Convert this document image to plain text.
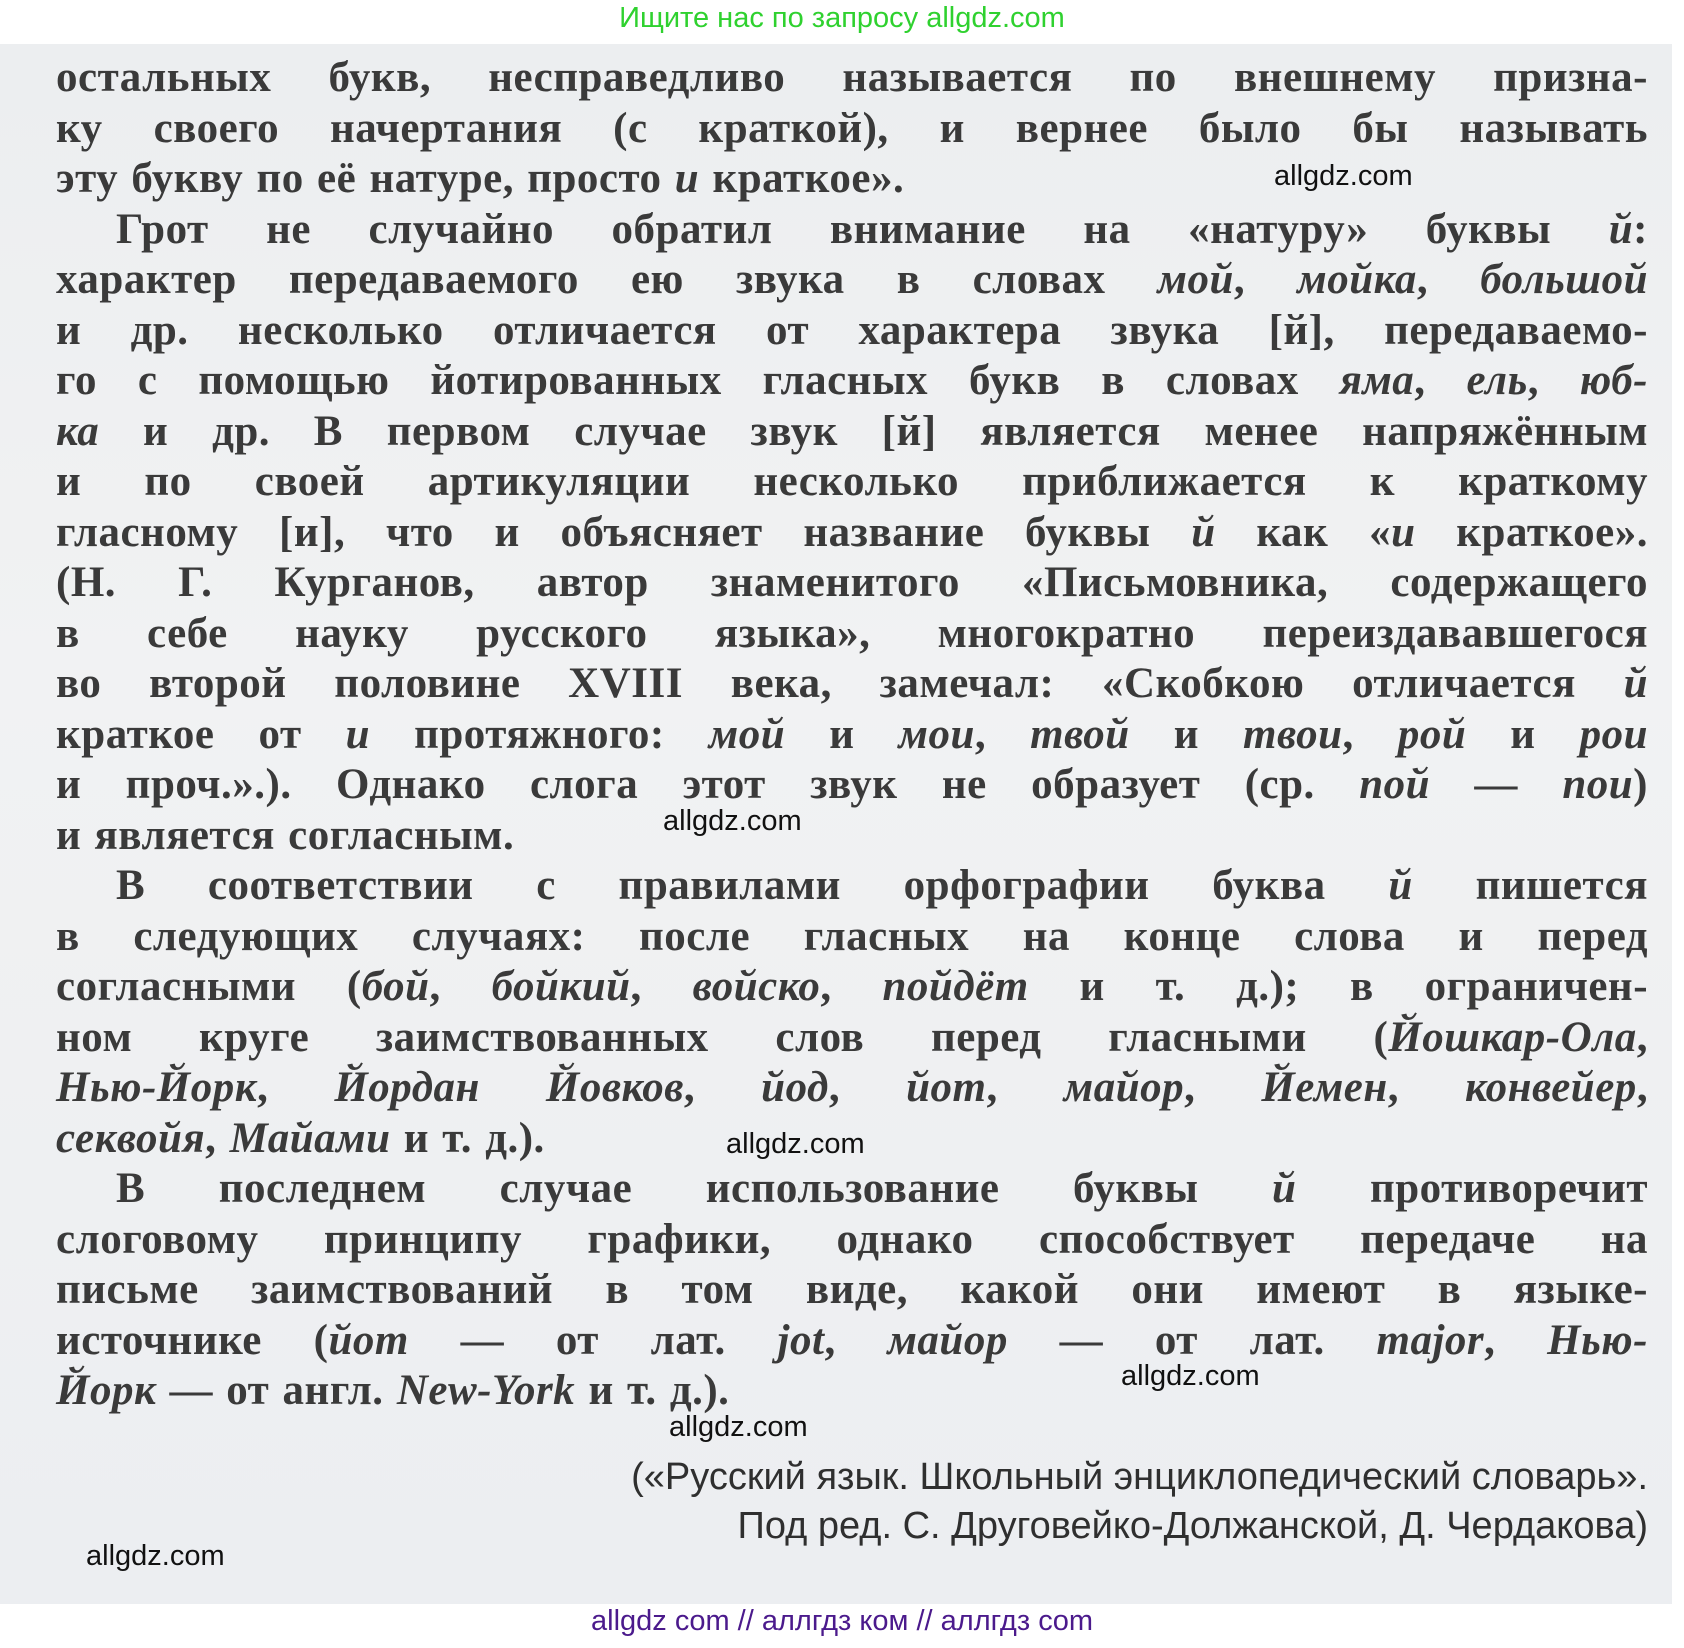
Ищите нас по запросу allgdz.com
остальных букв, несправедливо называется по внешнему призна-
ку своего начертания (с краткой), и вернее было бы называть
эту букву по её натуре, просто и краткое».
Грот не случайно обратил внимание на «натуру» буквы й:
характер передаваемого ею звука в словах мой, мойка, большой
и др. несколько отличается от характера звука [й], передаваемо-
го с помощью йотированных гласных букв в словах яма, ель, юб-
ка и др. В первом случае звук [й] является менее напряжённым
и по своей артикуляции несколько приближается к краткому
гласному [и], что и объясняет название буквы й как «и краткое».
(Н. Г. Курганов, автор знаменитого «Письмовника, содержащего
в себе науку русского языка», многократно переиздававшегося
во второй половине XVIII века, замечал: «Скобкою отличается й
краткое от и протяжного: мой и мои, твой и твои, рой и рои
и проч.».). Однако слога этот звук не образует (ср. пой — пои)
и является согласным.
В соответствии с правилами орфографии буква й пишется
в следующих случаях: после гласных на конце слова и перед
согласными (бой, бойкий, войско, пойдёт и т. д.); в ограничен-
ном круге заимствованных слов перед гласными (Йошкар-Ола,
Нью-Йорк, Йордан Йовков, йод, йот, майор, Йемен, конвейер,
секвойя, Майами и т. д.).
В последнем случае использование буквы й противоречит
слоговому принципу графики, однако способствует передаче на
письме заимствований в том виде, какой они имеют в языке-
источнике (йот — от лат. jot, майор — от лат. major, Нью-
Йорк — от англ. New-York и т. д.).
(«Русский язык. Школьный энциклопедический словарь».
Под ред. С. Друговейко-Должанской, Д. Чердакова)
allgdz.com
allgdz.com
allgdz.com
allgdz.com
allgdz.com
allgdz.com
allgdz com // аллгдз ком // аллгдз com
